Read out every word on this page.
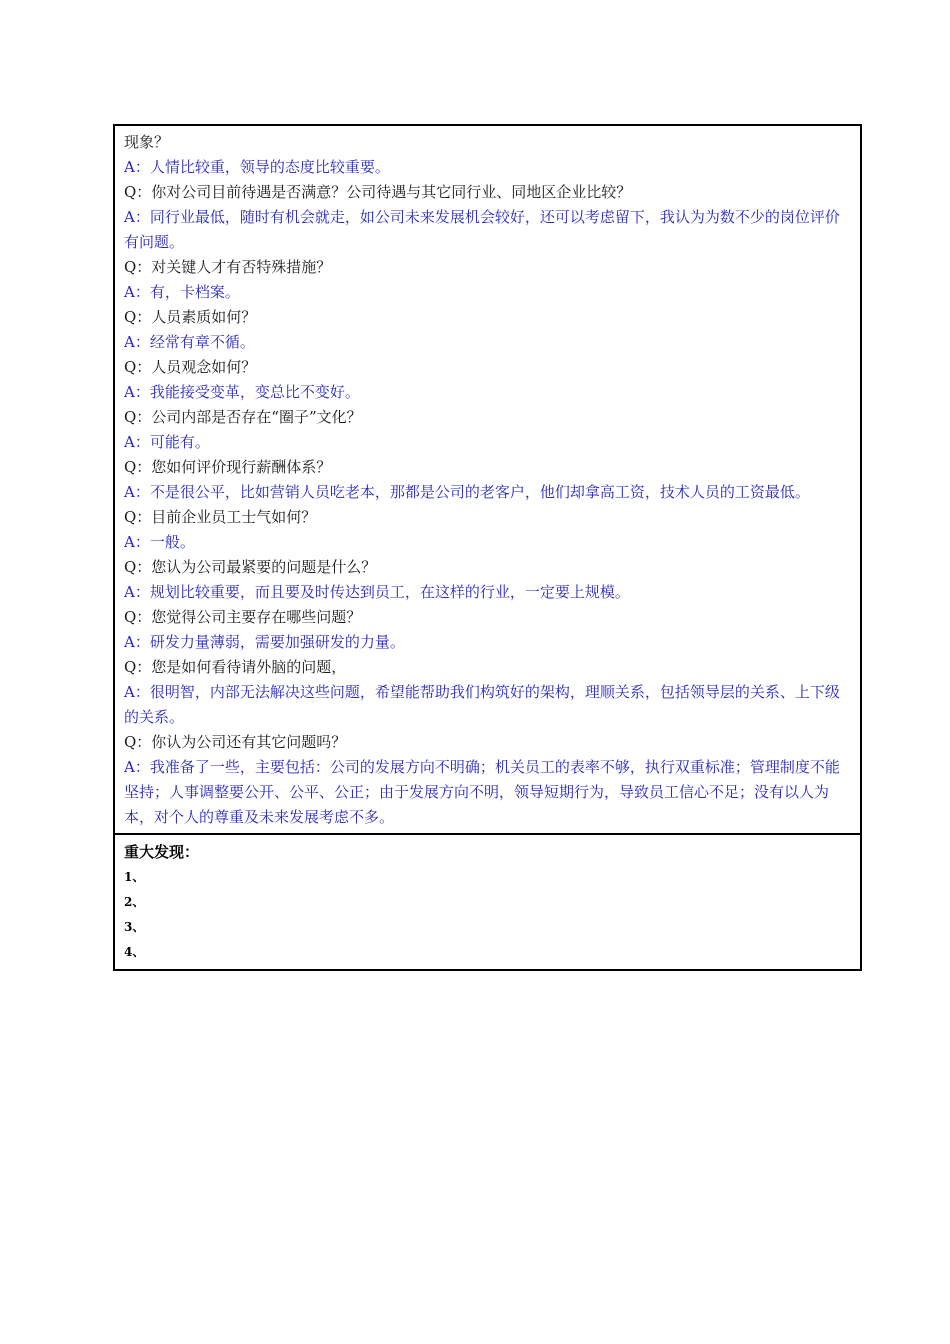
现象？

A：人情比较重，领导的态度比较重要。

Q：你对公司目前待遇是否满意？公司待遇与其它同行业、同地区企业比较？

A：同行业最低，随时有机会就走，如公司未来发展机会较好，还可以考虑留下，我认为为数不少的岗位评价有问题。

Q：对关键人才有否特殊措施？

A：有，卡档案。

Q：人员素质如何？

A：经常有章不循。

Q：人员观念如何？

A：我能接受变革，变总比不变好。

Q：公司内部是否存在“圈子”文化？

A：可能有。

Q：您如何评价现行薪酬体系？

A：不是很公平，比如营销人员吃老本，那都是公司的老客户，他们却拿高工资，技术人员的工资最低。

Q：目前企业员工士气如何？

A：一般。

Q：您认为公司最紧要的问题是什么？

A：规划比较重要，而且要及时传达到员工，在这样的行业，一定要上规模。

Q：您觉得公司主要存在哪些问题？

A：研发力量薄弱，需要加强研发的力量。

Q：您是如何看待请外脑的问题，

A：很明智，内部无法解决这些问题，希望能帮助我们构筑好的架构，理顺关系，包括领导层的关系、上下级的关系。

Q：你认为公司还有其它问题吗？

A：我准备了一些，主要包括：公司的发展方向不明确；机关员工的表率不够，执行双重标准；管理制度不能坚持；人事调整要公开、公平、公正；由于发展方向不明，领导短期行为，导致员工信心不足；没有以人为本，对个人的尊重及未来发展考虑不多。

重大发现：
1、
2、
3、
4、
